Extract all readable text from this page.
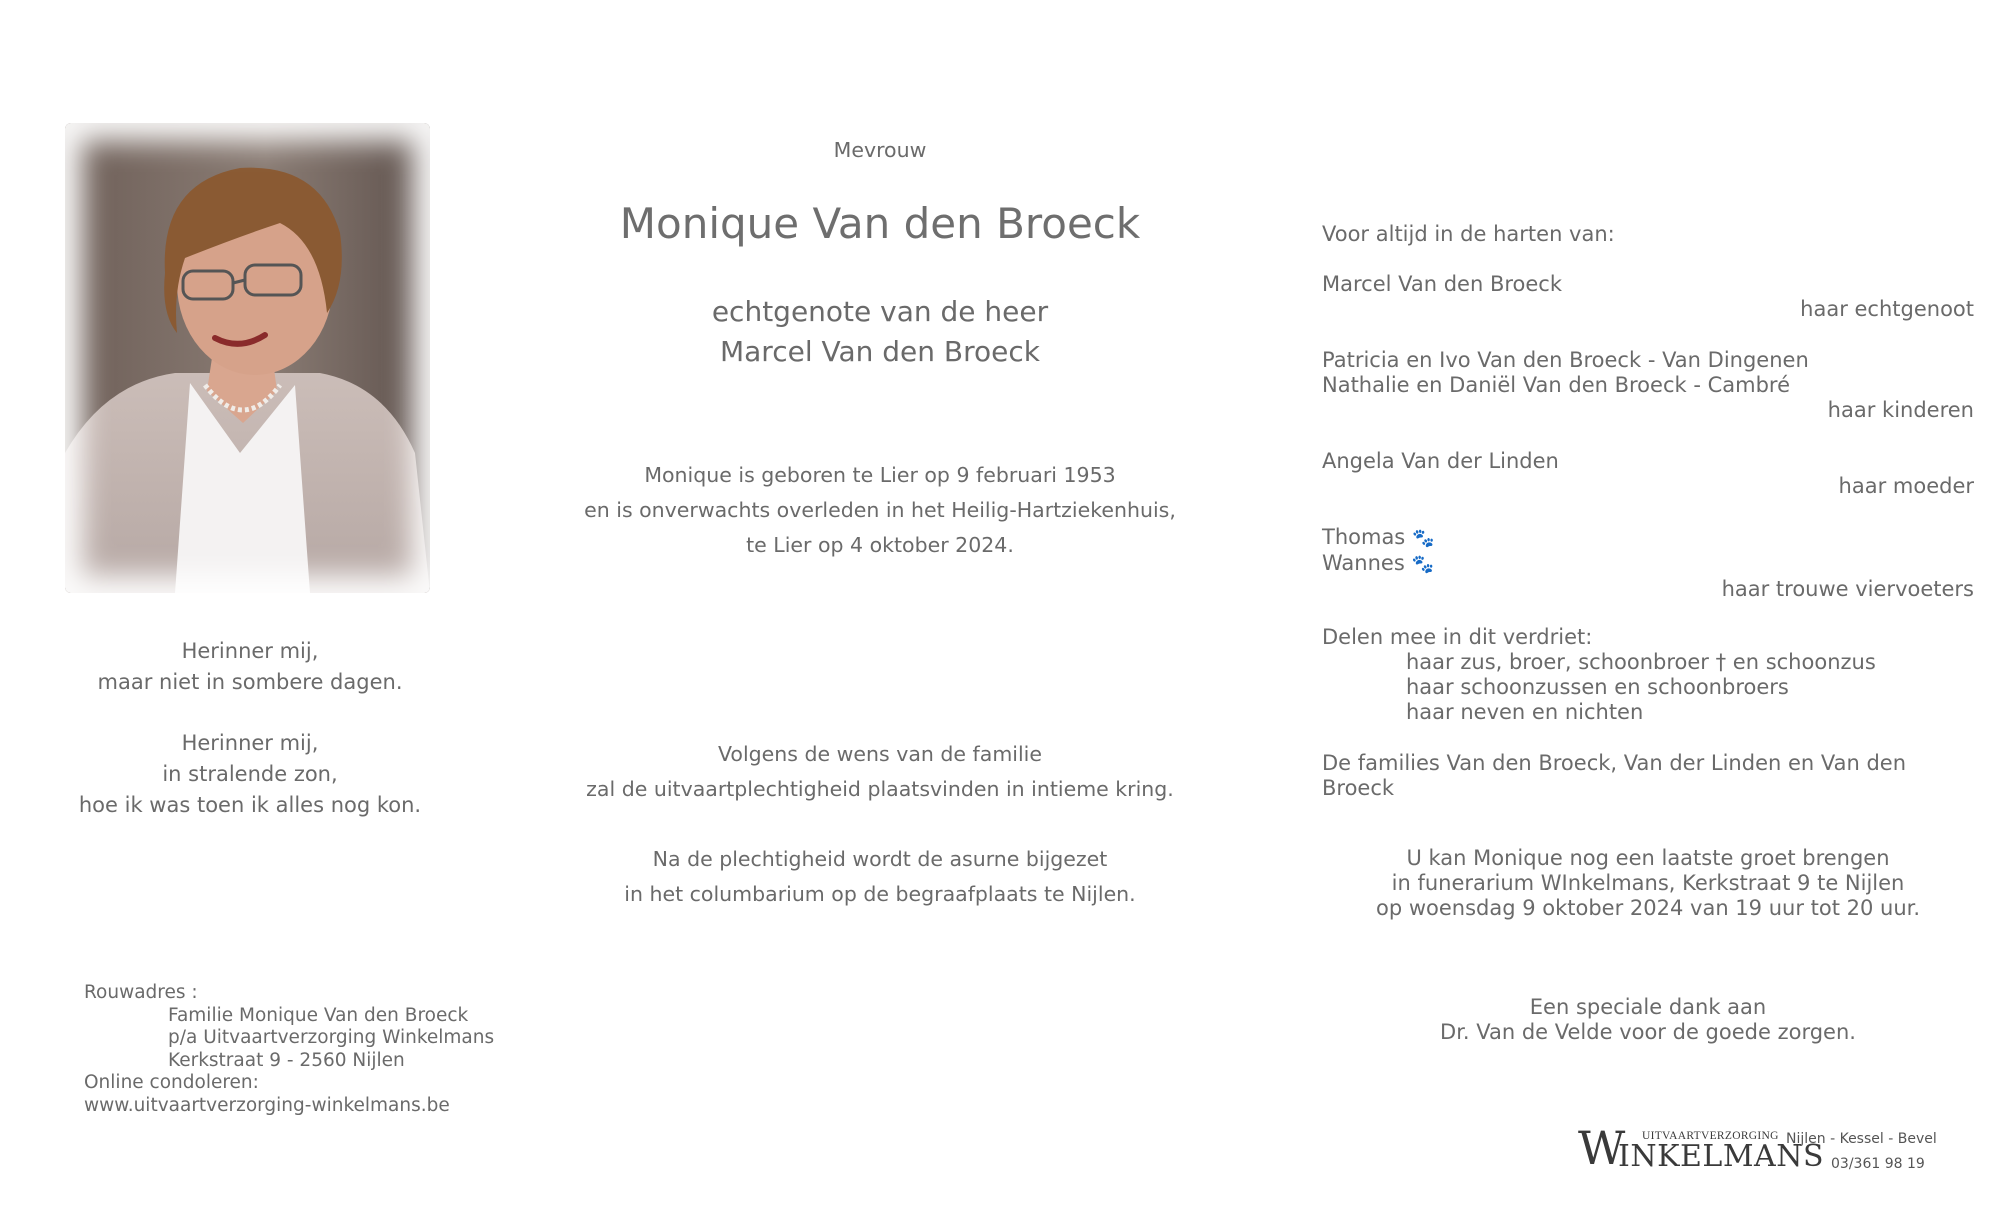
Herinner mij,
maar niet in sombere dagen.
Herinner mij,
in stralende zon,
hoe ik was toen ik alles nog kon.
Rouwadres :
Familie Monique Van den Broeck
p/a Uitvaartverzorging Winkelmans
Kerkstraat 9 - 2560 Nijlen
Online condoleren:
www.uitvaartverzorging-winkelmans.be
Mevrouw
Monique Van den Broeck
echtgenote van de heer
Marcel Van den Broeck
Monique is geboren te Lier op 9 februari 1953
en is onverwachts overleden in het Heilig-Hartziekenhuis,
te Lier op 4 oktober 2024.
Volgens de wens van de familie
zal de uitvaartplechtigheid plaatsvinden in intieme kring.
Na de plechtigheid wordt de asurne bijgezet
in het columbarium op de begraafplaats te Nijlen.
Voor altijd in de harten van:
Marcel Van den Broeck
haar echtgenoot
Patricia en Ivo Van den Broeck - Van Dingenen
Nathalie en Daniël Van den Broeck - Cambré
haar kinderen
Angela Van der Linden
haar moeder
Thomas 🐾
Wannes 🐾
haar trouwe viervoeters
Delen mee in dit verdriet:
haar zus, broer, schoonbroer † en schoonzus
haar schoonzussen en schoonbroers
haar neven en nichten
De families Van den Broeck, Van der Linden en Van den Broeck
U kan Monique nog een laatste groet brengen
in funerarium WInkelmans, Kerkstraat 9 te Nijlen
op woensdag 9 oktober 2024 van 19 uur tot 20 uur.
Een speciale dank aan
Dr. Van de Velde voor de goede zorgen.
W UITVAARTVERZORGING
INKELMANS
Nijlen - Kessel - Bevel
03/361 98 19
